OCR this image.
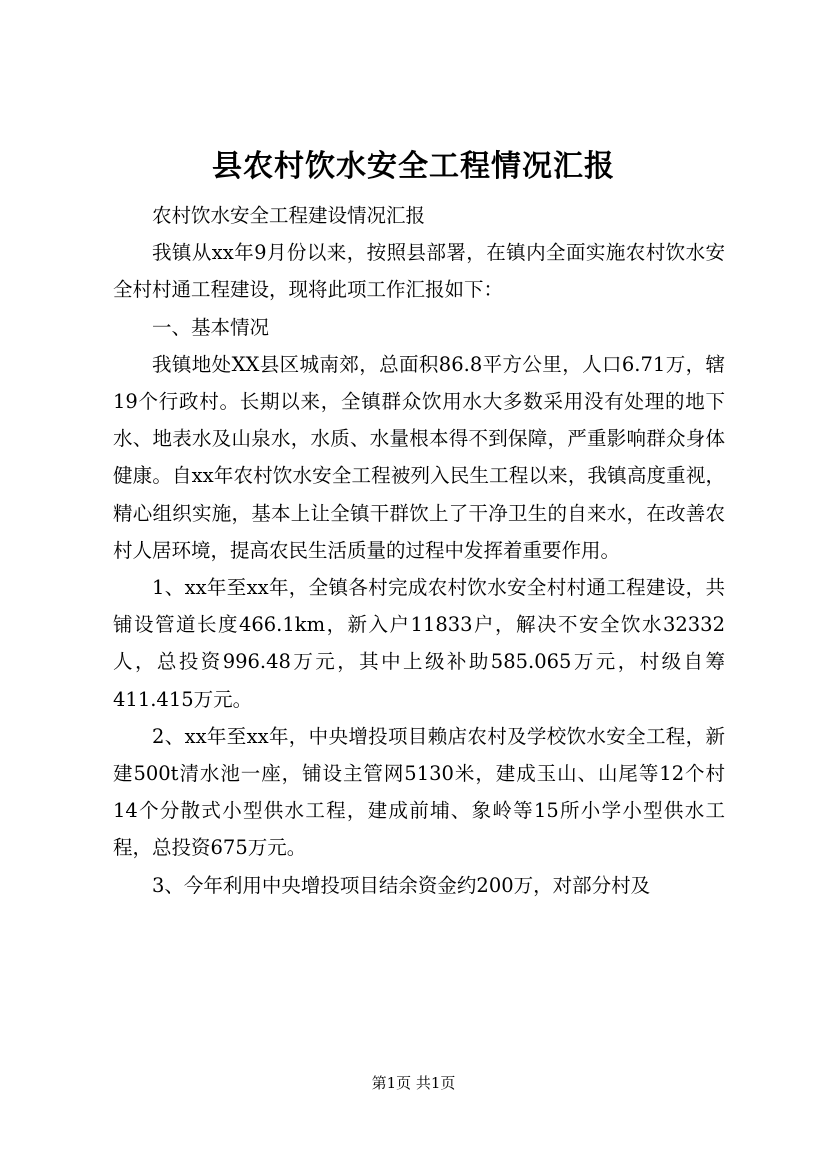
县农村饮水安全工程情况汇报

农村饮水安全工程建设情况汇报

我镇从xx年9月份以来，按照县部署，在镇内全面实施农村饮水安全村村通工程建设，现将此项工作汇报如下：

一、基本情况

我镇地处XX县区城南郊，总面积86.8平方公里，人口6.71万，辖19个行政村。长期以来，全镇群众饮用水大多数采用没有处理的地下水、地表水及山泉水，水质、水量根本得不到保障，严重影响群众身体健康。自xx年农村饮水安全工程被列入民生工程以来，我镇高度重视，精心组织实施，基本上让全镇干群饮上了干净卫生的自来水，在改善农村人居环境，提高农民生活质量的过程中发挥着重要作用。

1、xx年至xx年，全镇各村完成农村饮水安全村村通工程建设，共铺设管道长度466.1km，新入户11833户，解决不安全饮水32332人，总投资996.48万元，其中上级补助585.065万元，村级自筹411.415万元。

2、xx年至xx年，中央增投项目赖店农村及学校饮水安全工程，新建500t清水池一座，铺设主管网5130米，建成玉山、山尾等12个村14个分散式小型供水工程，建成前埔、象岭等15所小学小型供水工程，总投资675万元。

3、今年利用中央增投项目结余资金约200万，对部分村及

第1页 共1页
